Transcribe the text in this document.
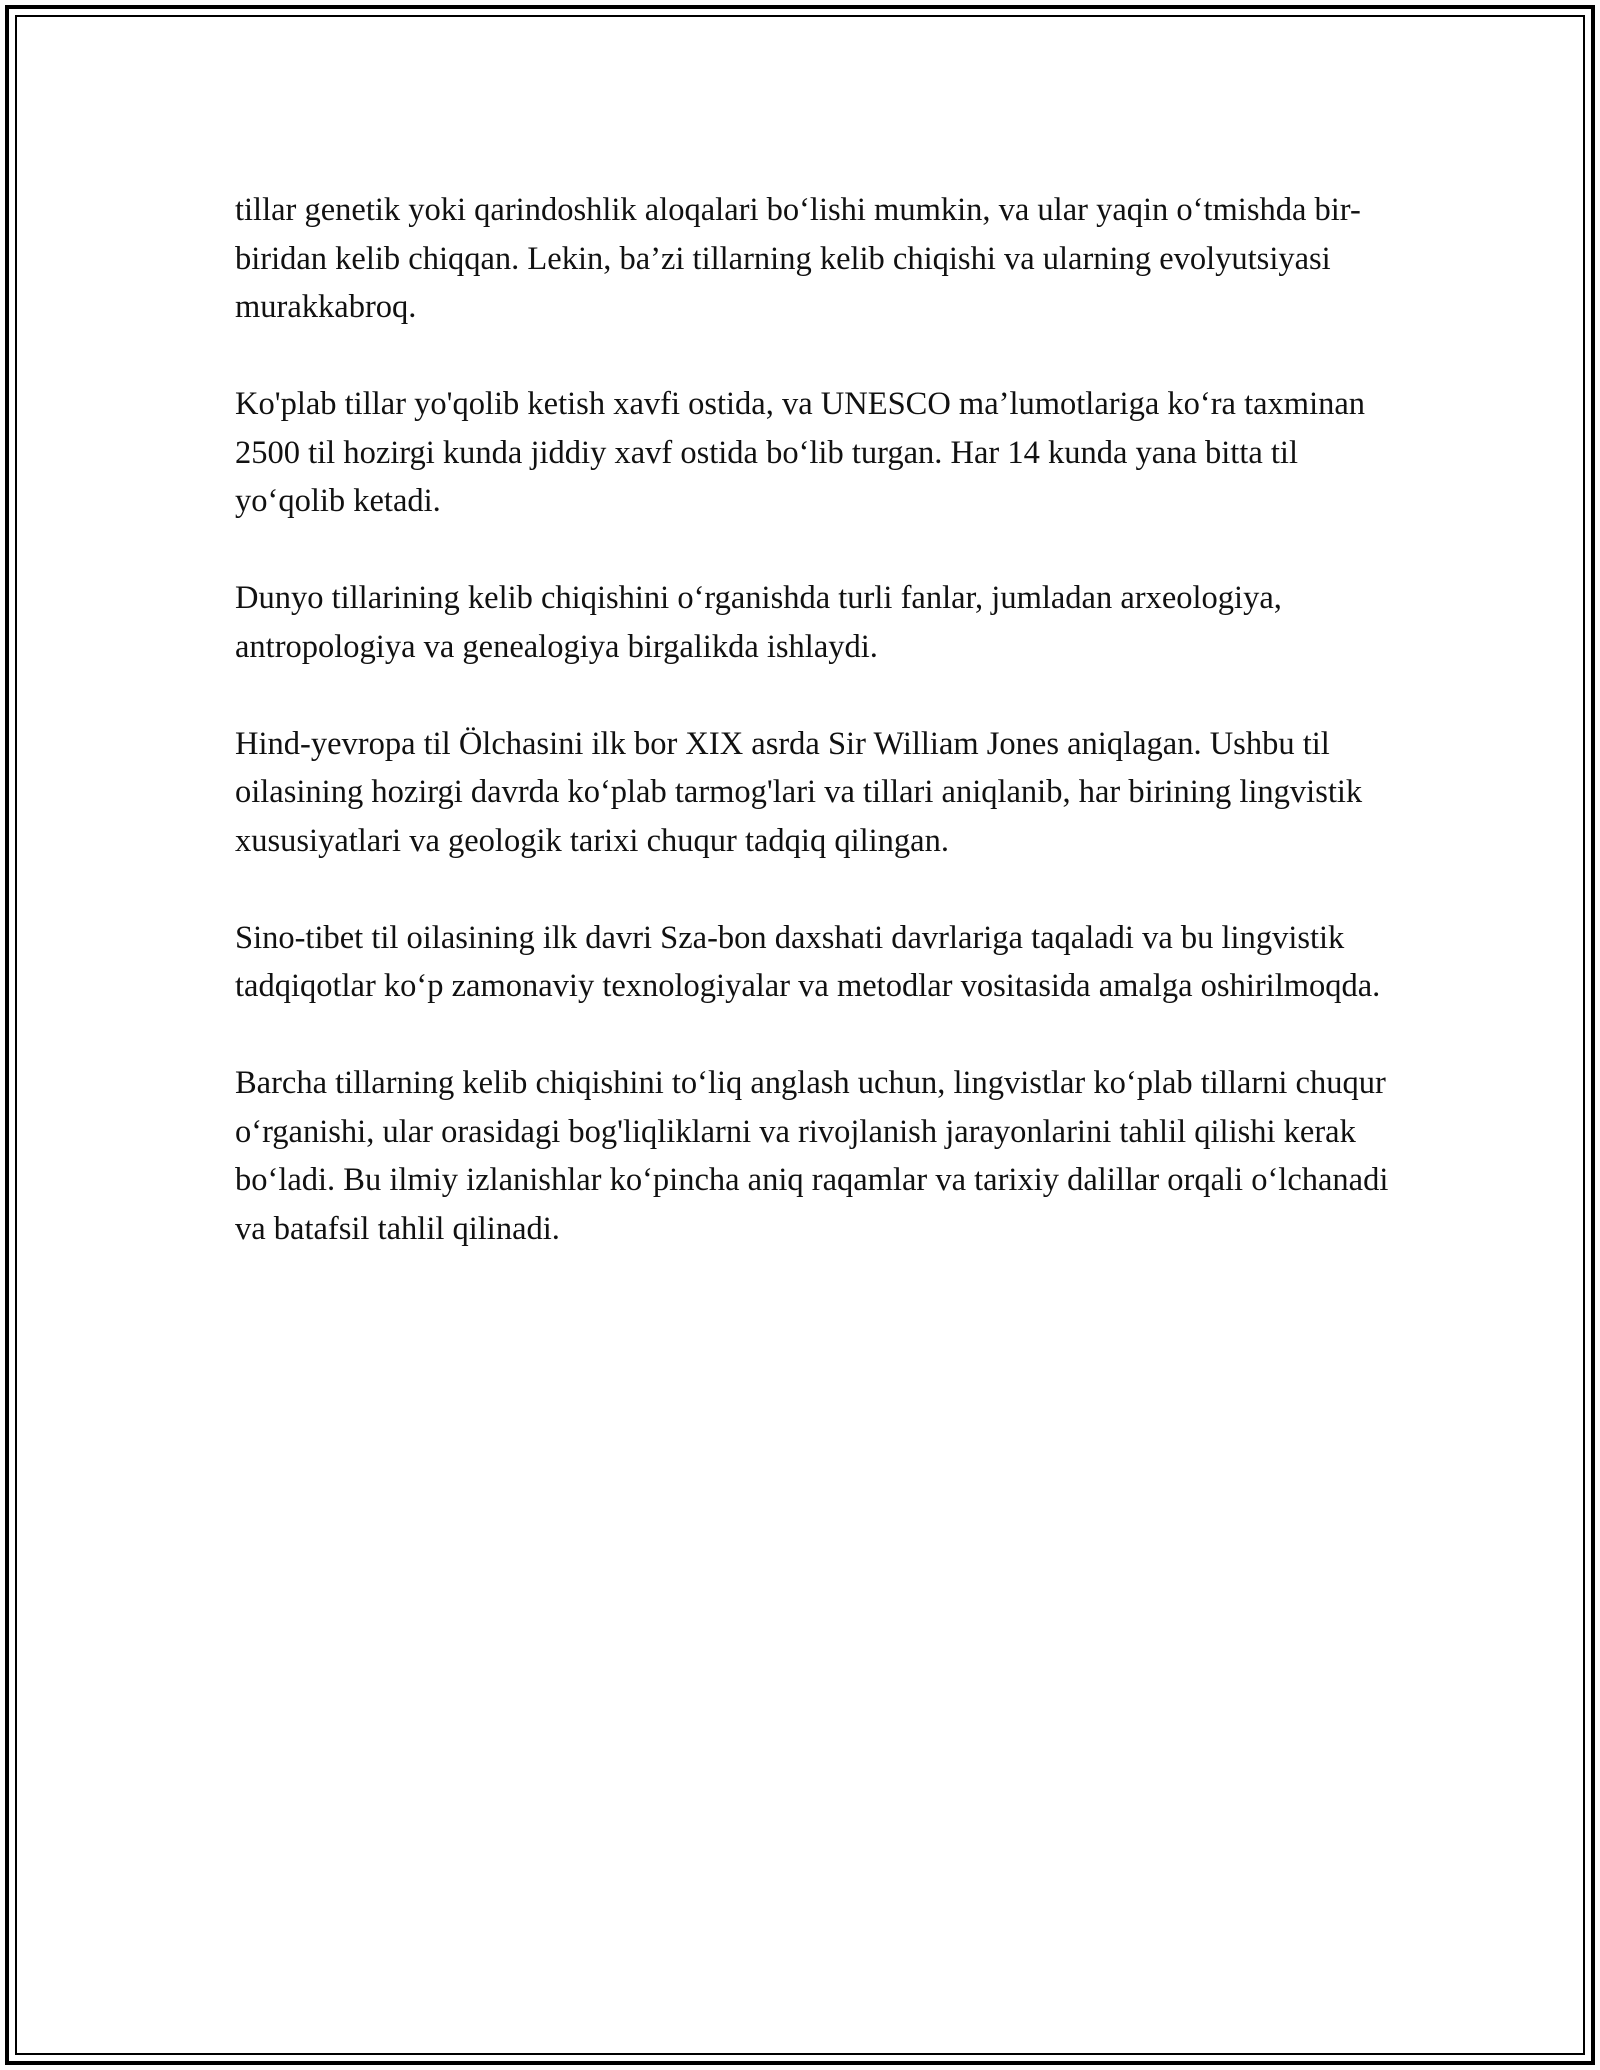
tillar genetik yoki qarindoshlik aloqalari bo‘lishi mumkin, va ular yaqin o‘tmishda bir-biridan kelib chiqqan. Lekin, ba’zi tillarning kelib chiqishi va ularning evolyutsiyasi murakkabroq.

Ko'plab tillar yo'qolib ketish xavfi ostida, va UNESCO ma’lumotlariga ko‘ra taxminan 2500 til hozirgi kunda jiddiy xavf ostida bo‘lib turgan. Har 14 kunda yana bitta til yo‘qolib ketadi.

Dunyo tillarining kelib chiqishini o‘rganishda turli fanlar, jumladan arxeologiya, antropologiya va genealogiya birgalikda ishlaydi.

Hind-yevropa til Ölchasini ilk bor XIX asrda Sir William Jones aniqlagan. Ushbu til oilasining hozirgi davrda ko‘plab tarmog'lari va tillari aniqlanib, har birining lingvistik xususiyatlari va geologik tarixi chuqur tadqiq qilingan.

Sino-tibet til oilasining ilk davri Sza-bon daxshati davrlariga taqaladi va bu lingvistik tadqiqotlar ko‘p zamonaviy texnologiyalar va metodlar vositasida amalga oshirilmoqda.

Barcha tillarning kelib chiqishini to‘liq anglash uchun, lingvistlar ko‘plab tillarni chuqur o‘rganishi, ular orasidagi bog'liqliklarni va rivojlanish jarayonlarini tahlil qilishi kerak bo‘ladi. Bu ilmiy izlanishlar ko‘pincha aniq raqamlar va tarixiy dalillar orqali o‘lchanadi va batafsil tahlil qilinadi.
